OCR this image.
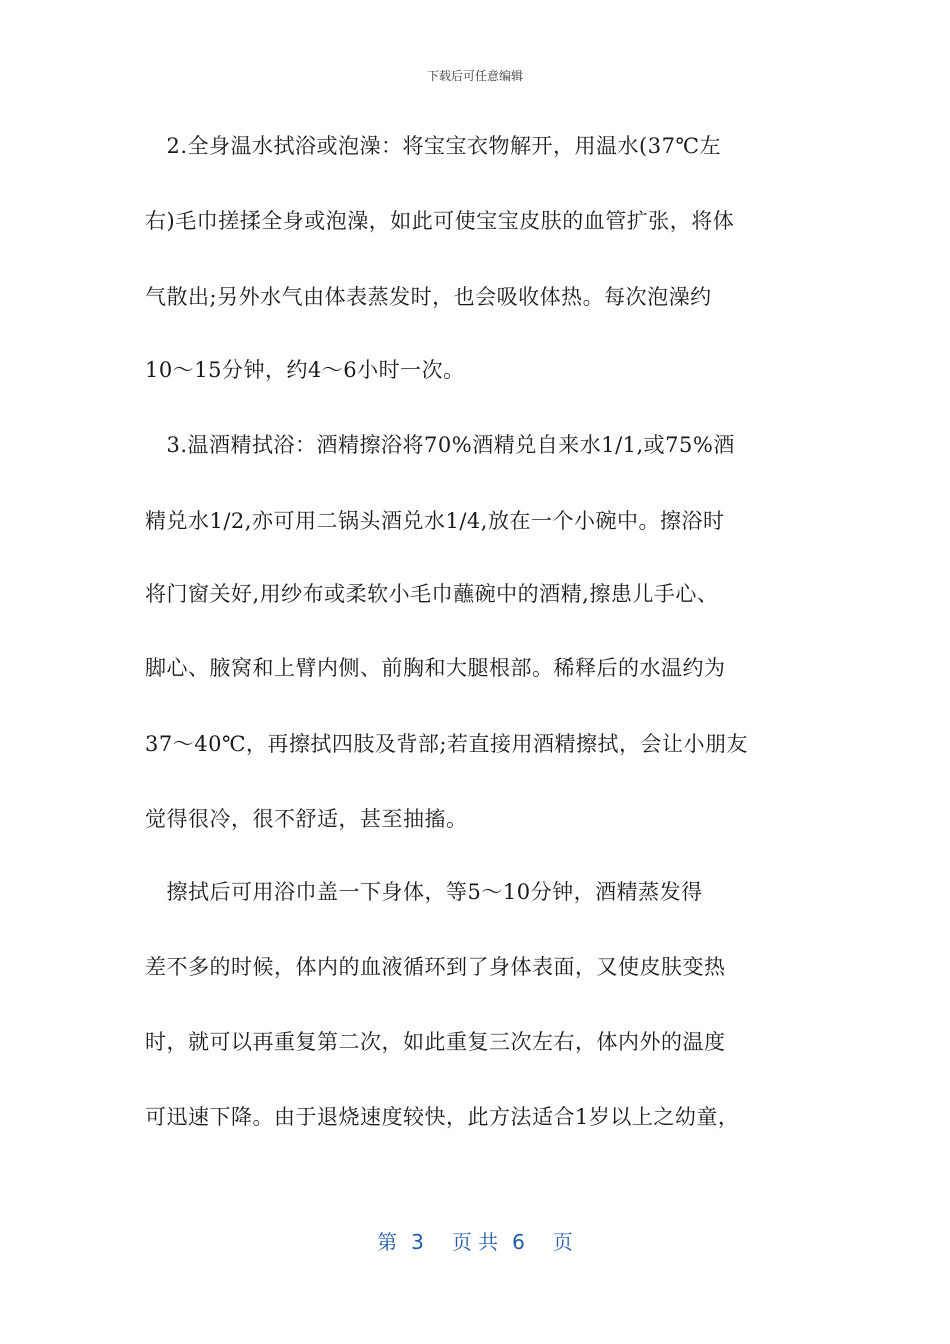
下载后可任意编辑
　2.全身温水拭浴或泡澡：将宝宝衣物解开，用温水(37℃左
右)毛巾搓揉全身或泡澡，如此可使宝宝皮肤的血管扩张，将体
气散出;另外水气由体表蒸发时，也会吸收体热。每次泡澡约
10～15分钟，约4～6小时一次。
　3.温酒精拭浴：酒精擦浴将70%酒精兑自来水1/1,或75%酒
精兑水1/2,亦可用二锅头酒兑水1/4,放在一个小碗中。擦浴时
将门窗关好,用纱布或柔软小毛巾蘸碗中的酒精,擦患儿手心、
脚心、腋窝和上臂内侧、前胸和大腿根部。稀释后的水温约为
37～40℃，再擦拭四肢及背部;若直接用酒精擦拭，会让小朋友
觉得很冷，很不舒适，甚至抽搐。
　擦拭后可用浴巾盖一下身体，等5～10分钟，酒精蒸发得
差不多的时候，体内的血液循环到了身体表面，又使皮肤变热
时，就可以再重复第二次，如此重复三次左右，体内外的温度
可迅速下降。由于退烧速度较快，此方法适合1岁以上之幼童，
第 3 页 共 6 页
